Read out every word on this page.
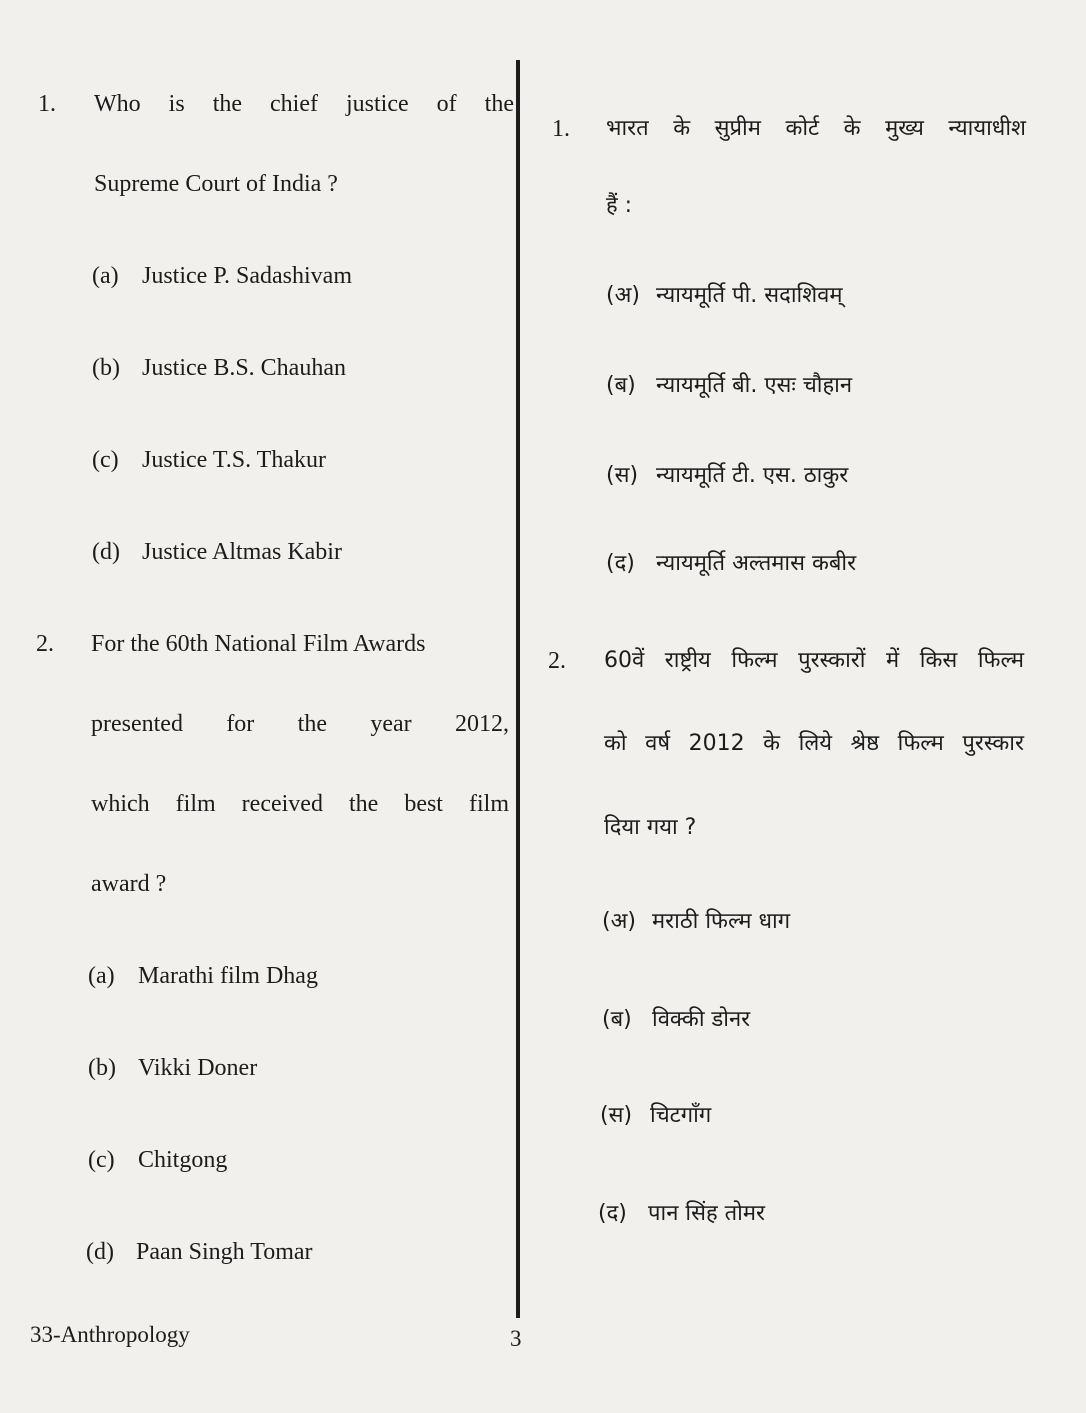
1. Who is the chief justice of the
Supreme Court of India ?
(a) Justice P. Sadashivam
(b) Justice B.S. Chauhan
(c) Justice T.S. Thakur
(d) Justice Altmas Kabir
2. For the 60th National Film Awards
presented for the year 2012,
which film received the best film
award ?
(a) Marathi film Dhag
(b) Vikki Doner
(c) Chitgong
(d) Paan Singh Tomar
1. भारत के सुप्रीम कोर्ट के मुख्य न्यायाधीश
हैं :
(अ) न्यायमूर्ति पी. सदाशिवम्
(ब) न्यायमूर्ति बी. एसः चौहान
(स) न्यायमूर्ति टी. एस. ठाकुर
(द) न्यायमूर्ति अल्तमास कबीर
2. 60वें राष्ट्रीय फिल्म पुरस्कारों में किस फिल्म
को वर्ष 2012 के लिये श्रेष्ठ फिल्म पुरस्कार
दिया गया ?
(अ) मराठी फिल्म धाग
(ब) विक्की डोनर
(स) चिटगाँग
(द) पान सिंह तोमर
33-Anthropology	3
